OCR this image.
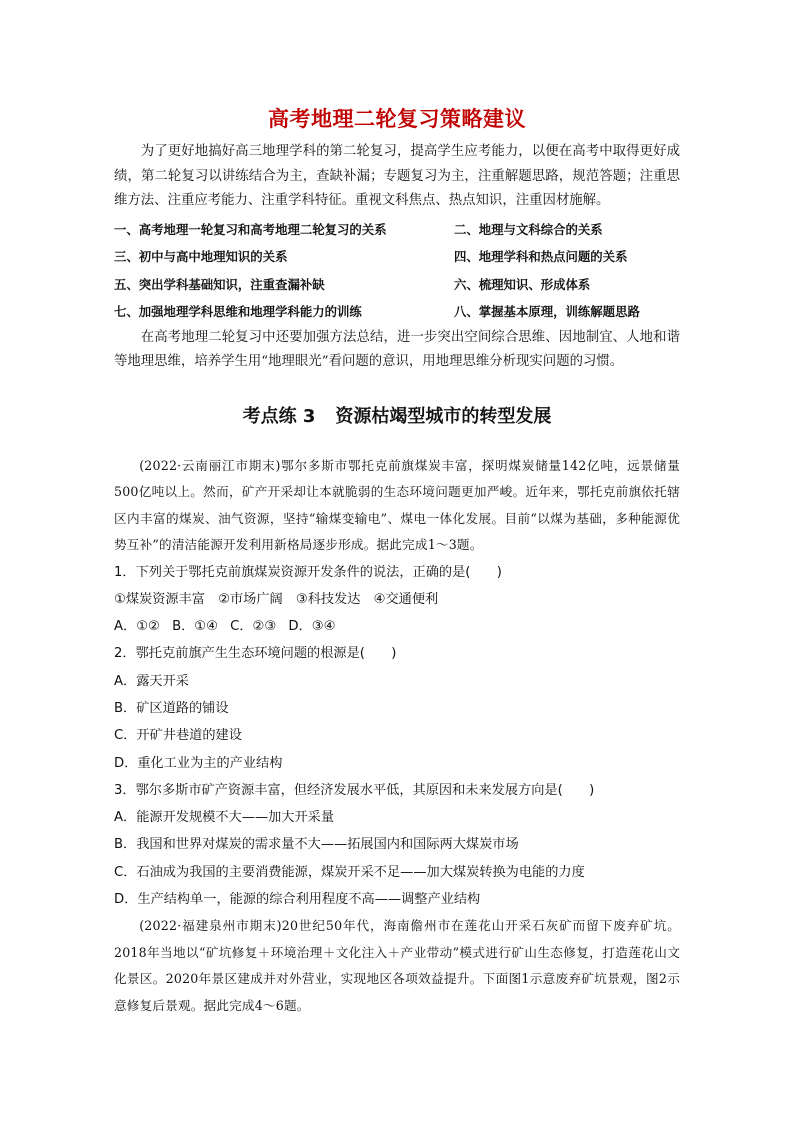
高考地理二轮复习策略建议

为了更好地搞好高三地理学科的第二轮复习，提高学生应考能力，以便在高考中取得更好成绩，第二轮复习以讲练结合为主，查缺补漏；专题复习为主，注重解题思路，规范答题；注重思维方法、注重应考能力、注重学科特征。重视文科焦点、热点知识，注重因材施解。

一、高考地理一轮复习和高考地理二轮复习的关系	二、地理与文科综合的关系
三、初中与高中地理知识的关系	四、地理学科和热点问题的关系
五、突出学科基础知识，注重查漏补缺	六、梳理知识、形成体系
七、加强地理学科思维和地理学科能力的训练	八、掌握基本原理，训练解题思路

在高考地理二轮复习中还要加强方法总结，进一步突出空间综合思维、因地制宜、人地和谐等地理思维，培养学生用“地理眼光”看问题的意识，用地理思维分析现实问题的习惯。

考点练 3 资源枯竭型城市的转型发展

(2022·云南丽江市期末)鄂尔多斯市鄂托克前旗煤炭丰富，探明煤炭储量142亿吨，远景储量500亿吨以上。然而，矿产开采却让本就脆弱的生态环境问题更加严峻。近年来，鄂托克前旗依托辖区内丰富的煤炭、油气资源，坚持“输煤变输电”、煤电一体化发展。目前“以煤为基础，多种能源优势互补”的清洁能源开发利用新格局逐步形成。据此完成1～3题。

1．下列关于鄂托克前旗煤炭资源开发条件的说法，正确的是(　　)

①煤炭资源丰富　②市场广阔　③科技发达　④交通便利

A．①② B．①④ C．②③ D．③④

2．鄂托克前旗产生生态环境问题的根源是(　　)

A．露天开采

B．矿区道路的铺设

C．开矿井巷道的建设

D．重化工业为主的产业结构

3．鄂尔多斯市矿产资源丰富，但经济发展水平低，其原因和未来发展方向是(　　)

A．能源开发规模不大——加大开采量

B．我国和世界对煤炭的需求量不大——拓展国内和国际两大煤炭市场

C．石油成为我国的主要消费能源，煤炭开采不足——加大煤炭转换为电能的力度

D．生产结构单一，能源的综合利用程度不高——调整产业结构

(2022·福建泉州市期末)20世纪50年代，海南儋州市在莲花山开采石灰矿而留下废弃矿坑。2018年当地以“矿坑修复＋环境治理＋文化注入＋产业带动”模式进行矿山生态修复，打造莲花山文化景区。2020年景区建成并对外营业，实现地区各项效益提升。下面图1示意废弃矿坑景观，图2示意修复后景观。据此完成4～6题。
